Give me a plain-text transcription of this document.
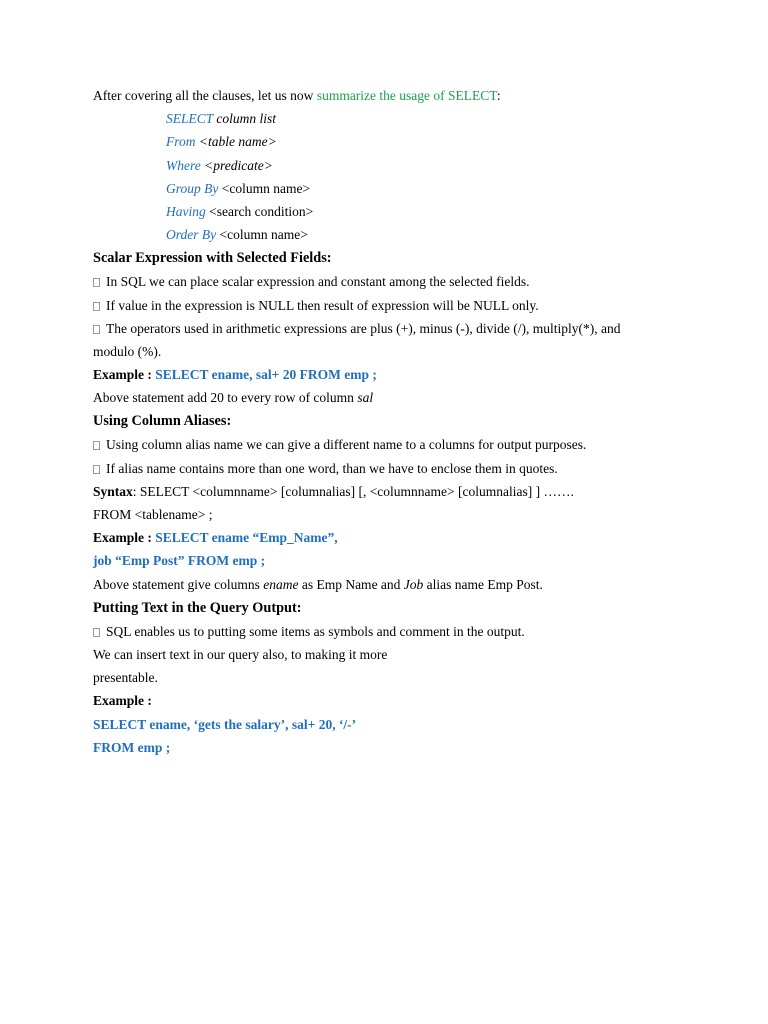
After covering all the clauses, let us now summarize the usage of SELECT:
SELECT column list
From <table name>
Where <predicate>
Group By <column name>
Having <search condition>
Order By <column name>
Scalar Expression with Selected Fields:
In SQL we can place scalar expression and constant among the selected fields.
If value in the expression is NULL then result of expression will be NULL only.
The operators used in arithmetic expressions are plus (+), minus (-), divide (/), multiply(*), and
modulo (%).
Example : SELECT ename, sal+ 20 FROM emp ;
Above statement add 20 to every row of column sal
Using Column Aliases:
Using column alias name we can give a different name to a columns for output purposes.
If alias name contains more than one word, than we have to enclose them in quotes.
Syntax: SELECT <columnname> [columnalias] [, <columnname> [columnalias] ] …….
FROM <tablename> ;
Example : SELECT ename “Emp_Name”,
job “Emp Post” FROM emp ;
Above statement give columns ename as Emp Name and Job alias name Emp Post.
Putting Text in the Query Output:
SQL enables us to putting some items as symbols and comment in the output.
We can insert text in our query also, to making it more
presentable.
Example :
SELECT ename, ‘gets the salary’, sal+ 20, ‘/-’
FROM emp ;
